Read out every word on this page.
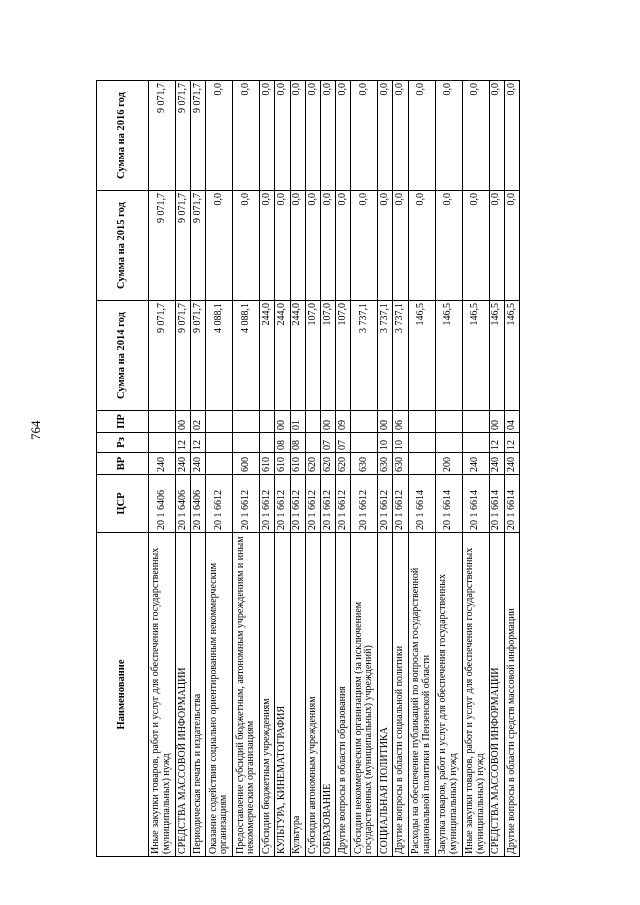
764
Наименование	ЦСР	ВР	Рз	ПР	Сумма на 2014 год	Сумма на 2015 год	Сумма на 2016 год
Иные закупки товаров, работ и услуг для обеспечения государственных (муниципальных) нужд	20 1 6406	240			9 071,7	9 071,7	9 071,7
СРЕДСТВА МАССОВОЙ ИНФОРМАЦИИ	20 1 6406	240	12	00	9 071,7	9 071,7	9 071,7
Периодическая печать и издательства	20 1 6406	240	12	02	9 071,7	9 071,7	9 071,7
Оказание содействия социально ориентированным некоммерческим организациям	20 1 6612				4 088,1	0,0	0,0
Предоставление субсидий бюджетным, автономным учреждениям и иным некоммерческим организациям	20 1 6612	600			4 088,1	0,0	0,0
Субсидии бюджетным учреждениям	20 1 6612	610			244,0	0,0	0,0
КУЛЬТУРА, КИНЕМАТОГРАФИЯ	20 1 6612	610	08	00	244,0	0,0	0,0
Культура	20 1 6612	610	08	01	244,0	0,0	0,0
Субсидии автономным учреждениям	20 1 6612	620			107,0	0,0	0,0
ОБРАЗОВАНИЕ	20 1 6612	620	07	00	107,0	0,0	0,0
Другие вопросы в области образования	20 1 6612	620	07	09	107,0	0,0	0,0
Субсидии некоммерческим организациям (за исключением государственных (муниципальных) учреждений)	20 1 6612	630			3 737,1	0,0	0,0
СОЦИАЛЬНАЯ ПОЛИТИКА	20 1 6612	630	10	00	3 737,1	0,0	0,0
Другие вопросы в области социальной политики	20 1 6612	630	10	06	3 737,1	0,0	0,0
Расходы на обеспечение публикаций по вопросам государственной национальной политики в Пензенской области	20 1 6614				146,5	0,0	0,0
Закупка товаров, работ и услуг для обеспечения государственных (муниципальных) нужд	20 1 6614	200			146,5	0,0	0,0
Иные закупки товаров, работ и услуг для обеспечения государственных (муниципальных) нужд	20 1 6614	240			146,5	0,0	0,0
СРЕДСТВА МАССОВОЙ ИНФОРМАЦИИ	20 1 6614	240	12	00	146,5	0,0	0,0
Другие вопросы в области средств массовой информации	20 1 6614	240	12	04	146,5	0,0	0,0
